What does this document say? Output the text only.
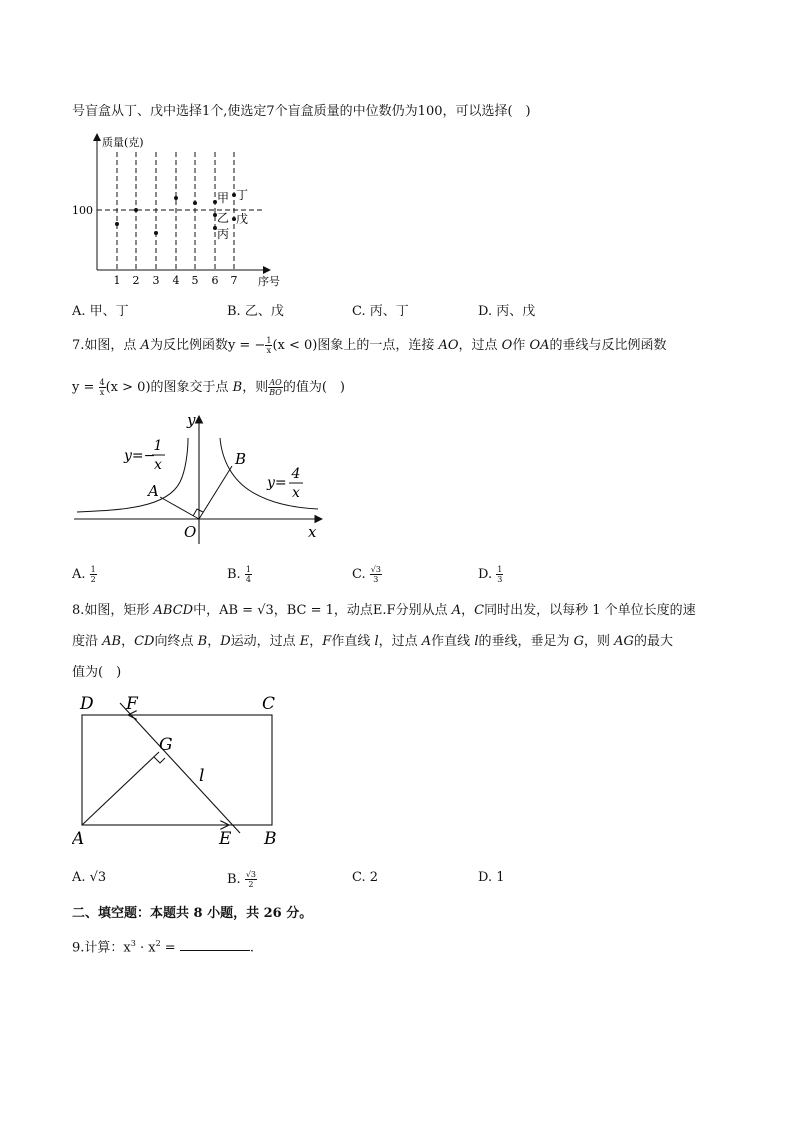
号盲盒从丁、戊中选择1个,使选定7个盲盒质量的中位数仍为100，可以选择(　)
质量(克)
序号
100
1 2 3 4 5 6 7
甲 丁
乙 戊
丙
A. 甲、丁	B. 乙、戊	C. 丙、丁	D. 丙、戊
7.如图，点 A为反比例函数y = − $\frac{1}{x} (x < 0)$图象上的一点，连接 AO，过点 O作 OA的垂线与反比例函数
$y = \frac{4}{x} (x > 0)$的图象交于点 B，则 $\frac{AO}{BO}$ 的值为(　)
y
x
O
A
B
y=−
1
x
y=
4
x
A. $\frac{1}{2}$	B. $\frac{1}{4}$	C. $\frac{√3}{3}$	D. $\frac{1}{3}$
8.如图，矩形 ABCD中，AB = √3，BC = 1，动点E.F分别从点 A，C同时出发，以每秒 1 个单位长度的速
度沿 AB，CD向终点 B，D运动，过点 E，F作直线 l，过点 A作直线 l的垂线，垂足为 G，则 AG的最大
值为(　)
D F	C
G
l
A	E B
A. √3	B. $\frac{√3}{2}$	C. 2	D. 1
二、填空题：本题共 8 小题，共 26 分。
9.计算：$x^3 \cdot x^2$ =	.
